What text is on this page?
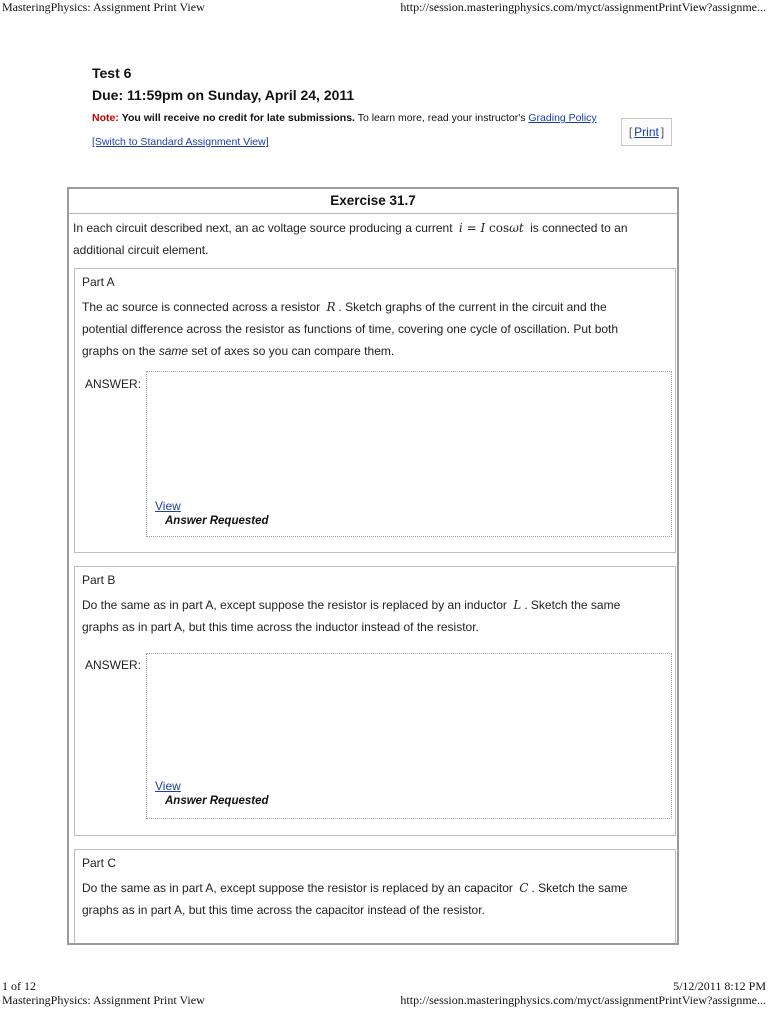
MasteringPhysics: Assignment Print View	http://session.masteringphysics.com/myct/assignmentPrintView?assignme...
Test 6
Due: 11:59pm on Sunday, April 24, 2011
Note: You will receive no credit for late submissions. To learn more, read your instructor's Grading Policy
[Switch to Standard Assignment View]
[ Print ]
Exercise 31.7
In each circuit described next, an ac voltage source producing a current i = I cosωt is connected to an
additional circuit element.
Part A
The ac source is connected across a resistor R . Sketch graphs of the current in the circuit and the
potential difference across the resistor as functions of time, covering one cycle of oscillation. Put both
graphs on the same set of axes so you can compare them.
ANSWER:
View
Answer Requested
Part B
Do the same as in part A, except suppose the resistor is replaced by an inductor L . Sketch the same
graphs as in part A, but this time across the inductor instead of the resistor.
ANSWER:
View
Answer Requested
Part C
Do the same as in part A, except suppose the resistor is replaced by an capacitor C . Sketch the same
graphs as in part A, but this time across the capacitor instead of the resistor.
1 of 12	5/12/2011 8:12 PM
MasteringPhysics: Assignment Print View	http://session.masteringphysics.com/myct/assignmentPrintView?assignme...
